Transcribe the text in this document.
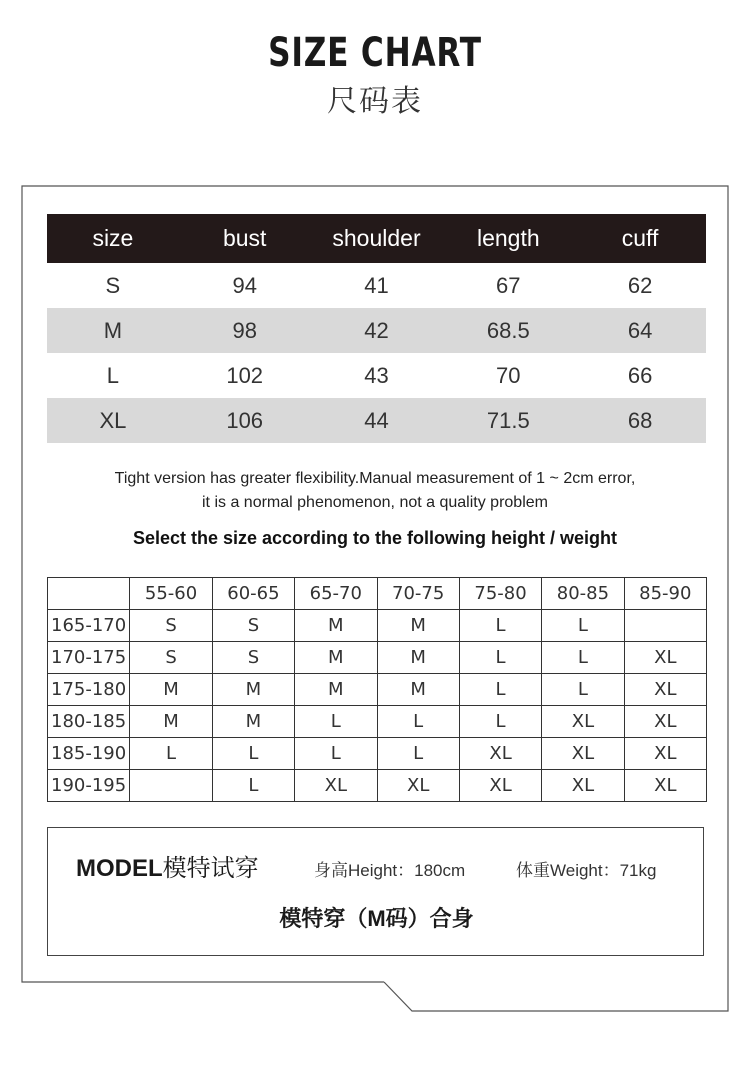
SIZE CHART
尺码表
size	bust	shoulder	length	cuff
S	94	41	67	62
M	98	42	68.5	64
L	102	43	70	66
XL	106	44	71.5	68
Tight version has greater flexibility.Manual measurement of 1 ~ 2cm error,
it is a normal phenomenon, not a quality problem
Select the size according to the following height / weight
	55-60	60-65	65-70	70-75	75-80	80-85	85-90
165-170	S	S	M	M	L	L	
170-175	S	S	M	M	L	L	XL
175-180	M	M	M	M	L	L	XL
180-185	M	M	L	L	L	XL	XL
185-190	L	L	L	L	XL	XL	XL
190-195		L	XL	XL	XL	XL	XL
MODEL模特试穿	身高Height：180cm	体重Weight：71kg
模特穿（M码）合身
